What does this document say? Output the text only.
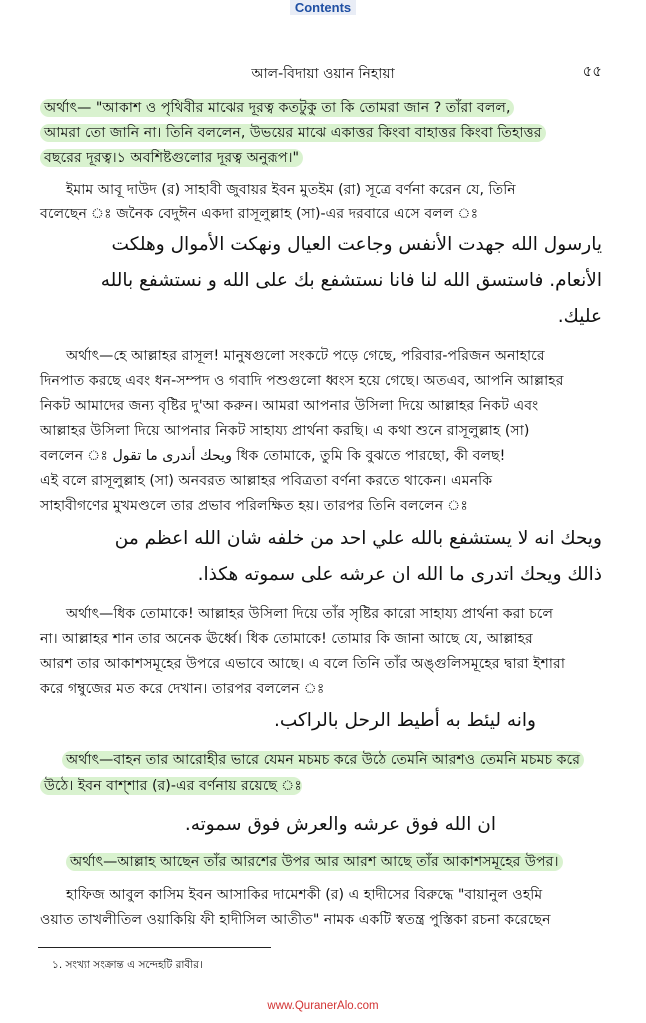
Contents
আল-বিদায়া ওয়ান নিহায়া	৫৫
অর্থাৎ— "আকাশ ও পৃথিবীর মাঝের দূরত্ব কতটুকু তা কি তোমরা জান ? তাঁরা বলল,
আমরা তো জানি না। তিনি বললেন, উভয়ের মাঝে একাত্তর কিংবা বাহাত্তর কিংবা তিহাত্তর
বছরের দূরত্ব।১ অবশিষ্টগুলোর দূরত্ব অনুরূপ।"
ইমাম আবূ দাউদ (র) সাহাবী জুবায়র ইবন মুতইম (রা) সূত্রে বর্ণনা করেন যে, তিনি
বলেছেন ঃ জনৈক বেদুঈন একদা রাসূলুল্লাহ (সা)-এর দরবারে এসে বলল ঃ
يارسول الله جهدت الأنفس وجاعت العيال ونهكت الأموال وهلكت
الأنعام. فاستسق الله لنا فانا نستشفع بك على الله و نستشفع بالله
عليك.
অর্থাৎ—হে আল্লাহর রাসূল! মানুষগুলো সংকটে পড়ে গেছে, পরিবার-পরিজন অনাহারে
দিনপাত করছে এবং ধন-সম্পদ ও গবাদি পশুগুলো ধ্বংস হয়ে গেছে। অতএব, আপনি আল্লাহর
নিকট আমাদের জন্য বৃষ্টির দু'আ করুন। আমরা আপনার উসিলা দিয়ে আল্লাহর নিকট এবং
আল্লাহর উসিলা দিয়ে আপনার নিকট সাহায্য প্রার্থনা করছি। এ কথা শুনে রাসূলুল্লাহ (সা)
বললেন ঃ ويحك أندرى ما تقول ধিক তোমাকে, তুমি কি বুঝতে পারছো, কী বলছ!
এই বলে রাসূলুল্লাহ (সা) অনবরত আল্লাহর পবিত্রতা বর্ণনা করতে থাকেন। এমনকি
সাহাবীগণের মুখমণ্ডলে তার প্রভাব পরিলক্ষিত হয়। তারপর তিনি বললেন ঃ
ويحك انه لا يستشفع بالله علي احد من خلفه شان الله اعظم من
ذالك ويحك اتدرى ما الله ان عرشه على سموته هكذا.
অর্থাৎ—ধিক তোমাকে! আল্লাহর উসিলা দিয়ে তাঁর সৃষ্টির কারো সাহায্য প্রার্থনা করা চলে
না। আল্লাহর শান তার অনেক ঊর্ধ্বে। ধিক তোমাকে! তোমার কি জানা আছে যে, আল্লাহর
আরশ তার আকাশসমূহের উপরে এভাবে আছে। এ বলে তিনি তাঁর অঙ্গুলিসমূহের দ্বারা ইশারা
করে গম্বুজের মত করে দেখান। তারপর বললেন ঃ
وانه ليئط به أطيط الرحل بالراكب.
অর্থাৎ—বাহন তার আরোহীর ভারে যেমন মচমচ করে উঠে তেমনি আরশও তেমনি মচমচ করে
উঠে। ইবন বাশ্শার (র)-এর বর্ণনায় রয়েছে ঃ
ان الله فوق عرشه والعرش فوق سموته.
অর্থাৎ—আল্লাহ আছেন তাঁর আরশের উপর আর আরশ আছে তাঁর আকাশসমূহের উপর।
হাফিজ আবুল কাসিম ইবন আসাকির দামেশকী (র) এ হাদীসের বিরুদ্ধে "বায়ানুল ওহমি
ওয়াত তাখলীতিল ওয়াকিয়ি ফী হাদীসিল আতীত" নামক একটি স্বতন্ত্র পুস্তিকা রচনা করেছেন
১. সংখ্যা সংক্রান্ত এ সন্দেহটি রাবীর।
www.QuranerAlo.com
